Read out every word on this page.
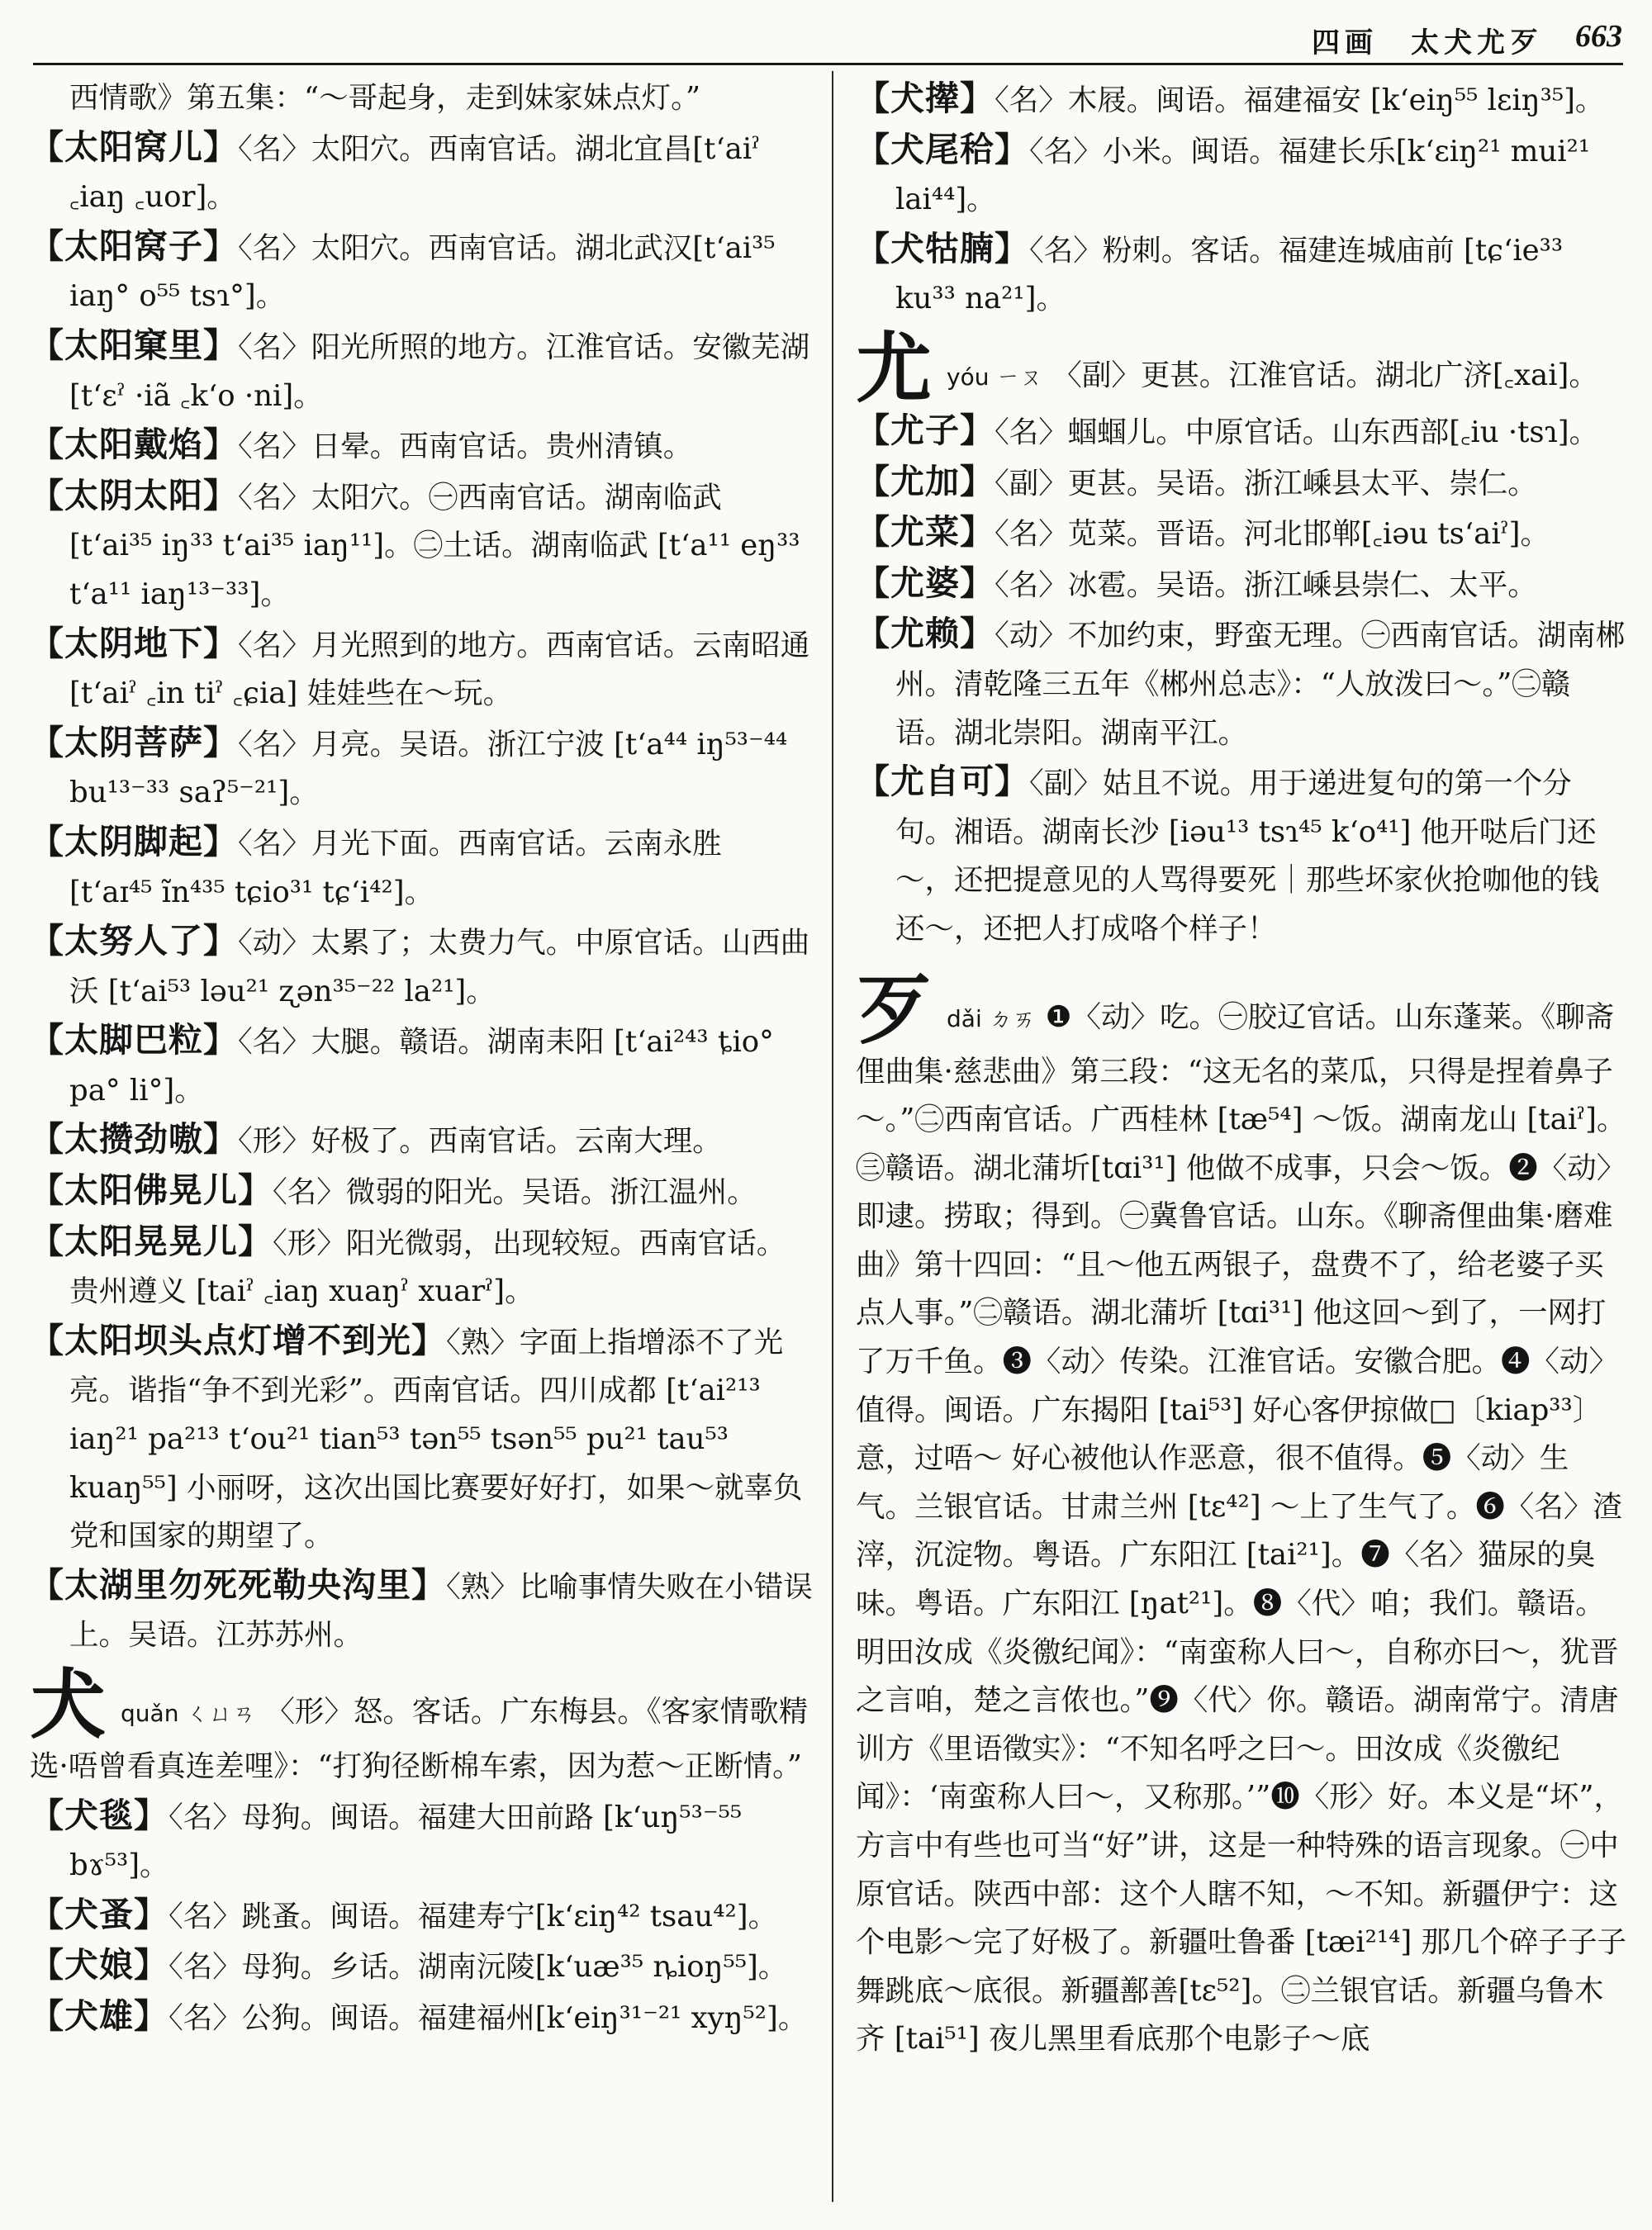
四画　太犬尤歹 663

西情歌》第五集：“～哥起身，走到妹家妹点灯。”

【太阳窝儿】〈名〉太阳穴。西南官话。湖北宜昌[tʻaiˀ ꜀iaŋ ꜀uor]。

【太阳窝子】〈名〉太阳穴。西南官话。湖北武汉[tʻai³⁵ iaŋ° o⁵⁵ tsɿ°]。

【太阳窠里】〈名〉阳光所照的地方。江淮官话。安徽芜湖 [tʻɛˀ ·iã ꜀kʻo ·ni]。

【太阳戴焰】〈名〉日晕。西南官话。贵州清镇。

【太阴太阳】〈名〉太阳穴。㊀西南官话。湖南临武 [tʻai³⁵ iŋ³³ tʻai³⁵ iaŋ¹¹]。㊁土话。湖南临武 [tʻa¹¹ eŋ³³ tʻa¹¹ iaŋ¹³⁻³³]。

【太阴地下】〈名〉月光照到的地方。西南官话。云南昭通 [tʻaiˀ ꜀in tiˀ ꜀ɕia] 娃娃些在～玩。

【太阴菩萨】〈名〉月亮。吴语。浙江宁波 [tʻa⁴⁴ iŋ⁵³⁻⁴⁴ bu¹³⁻³³ saʔ⁵⁻²¹]。

【太阴脚起】〈名〉月光下面。西南官话。云南永胜 [tʻaɪ⁴⁵ ĩn⁴³⁵ tɕio³¹ tɕʻi⁴²]。

【太努人了】〈动〉太累了；太费力气。中原官话。山西曲沃 [tʻai⁵³ ləu²¹ ʐən³⁵⁻²² la²¹]。

【太脚巴粒】〈名〉大腿。赣语。湖南耒阳 [tʻai²⁴³ ȶio° pa° li°]。

【太攒劲嗷】〈形〉好极了。西南官话。云南大理。

【太阳佛晃儿】〈名〉微弱的阳光。吴语。浙江温州。

【太阳晃晃儿】〈形〉阳光微弱，出现较短。西南官话。贵州遵义 [taiˀ ꜀iaŋ xuaŋˀ xuarˀ]。

【太阳坝头点灯增不到光】〈熟〉字面上指增添不了光亮。谐指“争不到光彩”。西南官话。四川成都 [tʻai²¹³ iaŋ²¹ pa²¹³ tʻou²¹ tian⁵³ tən⁵⁵ tsən⁵⁵ pu²¹ tau⁵³ kuaŋ⁵⁵] 小丽呀，这次出国比赛要好好打，如果～就辜负党和国家的期望了。

【太湖里勿死死勒央沟里】〈熟〉比喻事情失败在小错误上。吴语。江苏苏州。

犬quǎn ㄑㄩㄢ 〈形〉怒。客话。广东梅县。《客家情歌精选·唔曾看真连差哩》：“打狗径断棉车索，因为惹～正断情。”

【犬毯】〈名〉母狗。闽语。福建大田前路 [kʻuŋ⁵³⁻⁵⁵ bɤ⁵³]。

【犬蚤】〈名〉跳蚤。闽语。福建寿宁[kʻɛiŋ⁴² tsau⁴²]。

【犬娘】〈名〉母狗。乡话。湖南沅陵[kʻuæ³⁵ ȵioŋ⁵⁵]。

【犬雄】〈名〉公狗。闽语。福建福州[kʻeiŋ³¹⁻²¹ xyŋ⁵²]。

【犬撵】〈名〉木屐。闽语。福建福安 [kʻeiŋ⁵⁵ lɛiŋ³⁵]。

【犬尾秴】〈名〉小米。闽语。福建长乐[kʻɛiŋ²¹ mui²¹ lai⁴⁴]。

【犬牯腩】〈名〉粉刺。客话。福建连城庙前 [tɕʻie³³ ku³³ na²¹]。

尤yóu ㄧㄡ 〈副〉更甚。江淮官话。湖北广济[꜀xai]。

【尤子】〈名〉蝈蝈儿。中原官话。山东西部[꜀iu ·tsɿ]。

【尤加】〈副〉更甚。吴语。浙江嵊县太平、崇仁。

【尤菜】〈名〉苋菜。晋语。河北邯郸[꜀iəu tsʻaiˀ]。

【尤婆】〈名〉冰雹。吴语。浙江嵊县崇仁、太平。

【尤赖】〈动〉不加约束，野蛮无理。㊀西南官话。湖南郴州。清乾隆三五年《郴州总志》：“人放泼曰～。”㊁赣语。湖北崇阳。湖南平江。

【尤自可】〈副〉姑且不说。用于递进复句的第一个分句。湘语。湖南长沙 [iəu¹³ tsɿ⁴⁵ kʻo⁴¹] 他开哒后门还～，还把提意见的人骂得要死｜那些坏家伙抢咖他的钱还～，还把人打成咯个样子！

歹dǎi ㄉㄞ ❶〈动〉吃。㊀胶辽官话。山东蓬莱。《聊斋俚曲集·慈悲曲》第三段：“这无名的菜瓜，只得是捏着鼻子～。”㊁西南官话。广西桂林 [tæ⁵⁴] ～饭。湖南龙山 [taiˀ]。㊂赣语。湖北蒲圻[tɑi³¹] 他做不成事，只会～饭。❷〈动〉即逮。捞取；得到。㊀冀鲁官话。山东。《聊斋俚曲集·磨难曲》第十四回：“且～他五两银子，盘费不了，给老婆子买点人事。”㊁赣语。湖北蒲圻 [tɑi³¹] 他这回～到了，一网打了万千鱼。❸〈动〉传染。江淮官话。安徽合肥。❹〈动〉值得。闽语。广东揭阳 [tai⁵³] 好心客伊掠做□〔kiap³³〕意，过唔～ 好心被他认作恶意，很不值得。❺〈动〉生气。兰银官话。甘肃兰州 [tɛ⁴²] ～上了生气了。❻〈名〉渣滓，沉淀物。粤语。广东阳江 [tai²¹]。❼〈名〉猫尿的臭味。粤语。广东阳江 [ŋat²¹]。❽〈代〉咱；我们。赣语。明田汝成《炎徼纪闻》：“南蛮称人曰～，自称亦曰～，犹晋之言咱，楚之言侬也。”❾〈代〉你。赣语。湖南常宁。清唐训方《里语徵实》：“不知名呼之曰～。田汝成《炎徼纪闻》：‘南蛮称人曰～，又称那。’”❿〈形〉好。本义是“坏”，方言中有些也可当“好”讲，这是一种特殊的语言现象。㊀中原官话。陕西中部：这个人瞎不知，～不知。新疆伊宁：这个电影～完了好极了。新疆吐鲁番 [tæi²¹⁴] 那几个碎子子子舞跳底～底很。新疆鄯善[tɛ⁵²]。㊁兰银官话。新疆乌鲁木齐 [tai⁵¹] 夜儿黑里看底那个电影子～底
